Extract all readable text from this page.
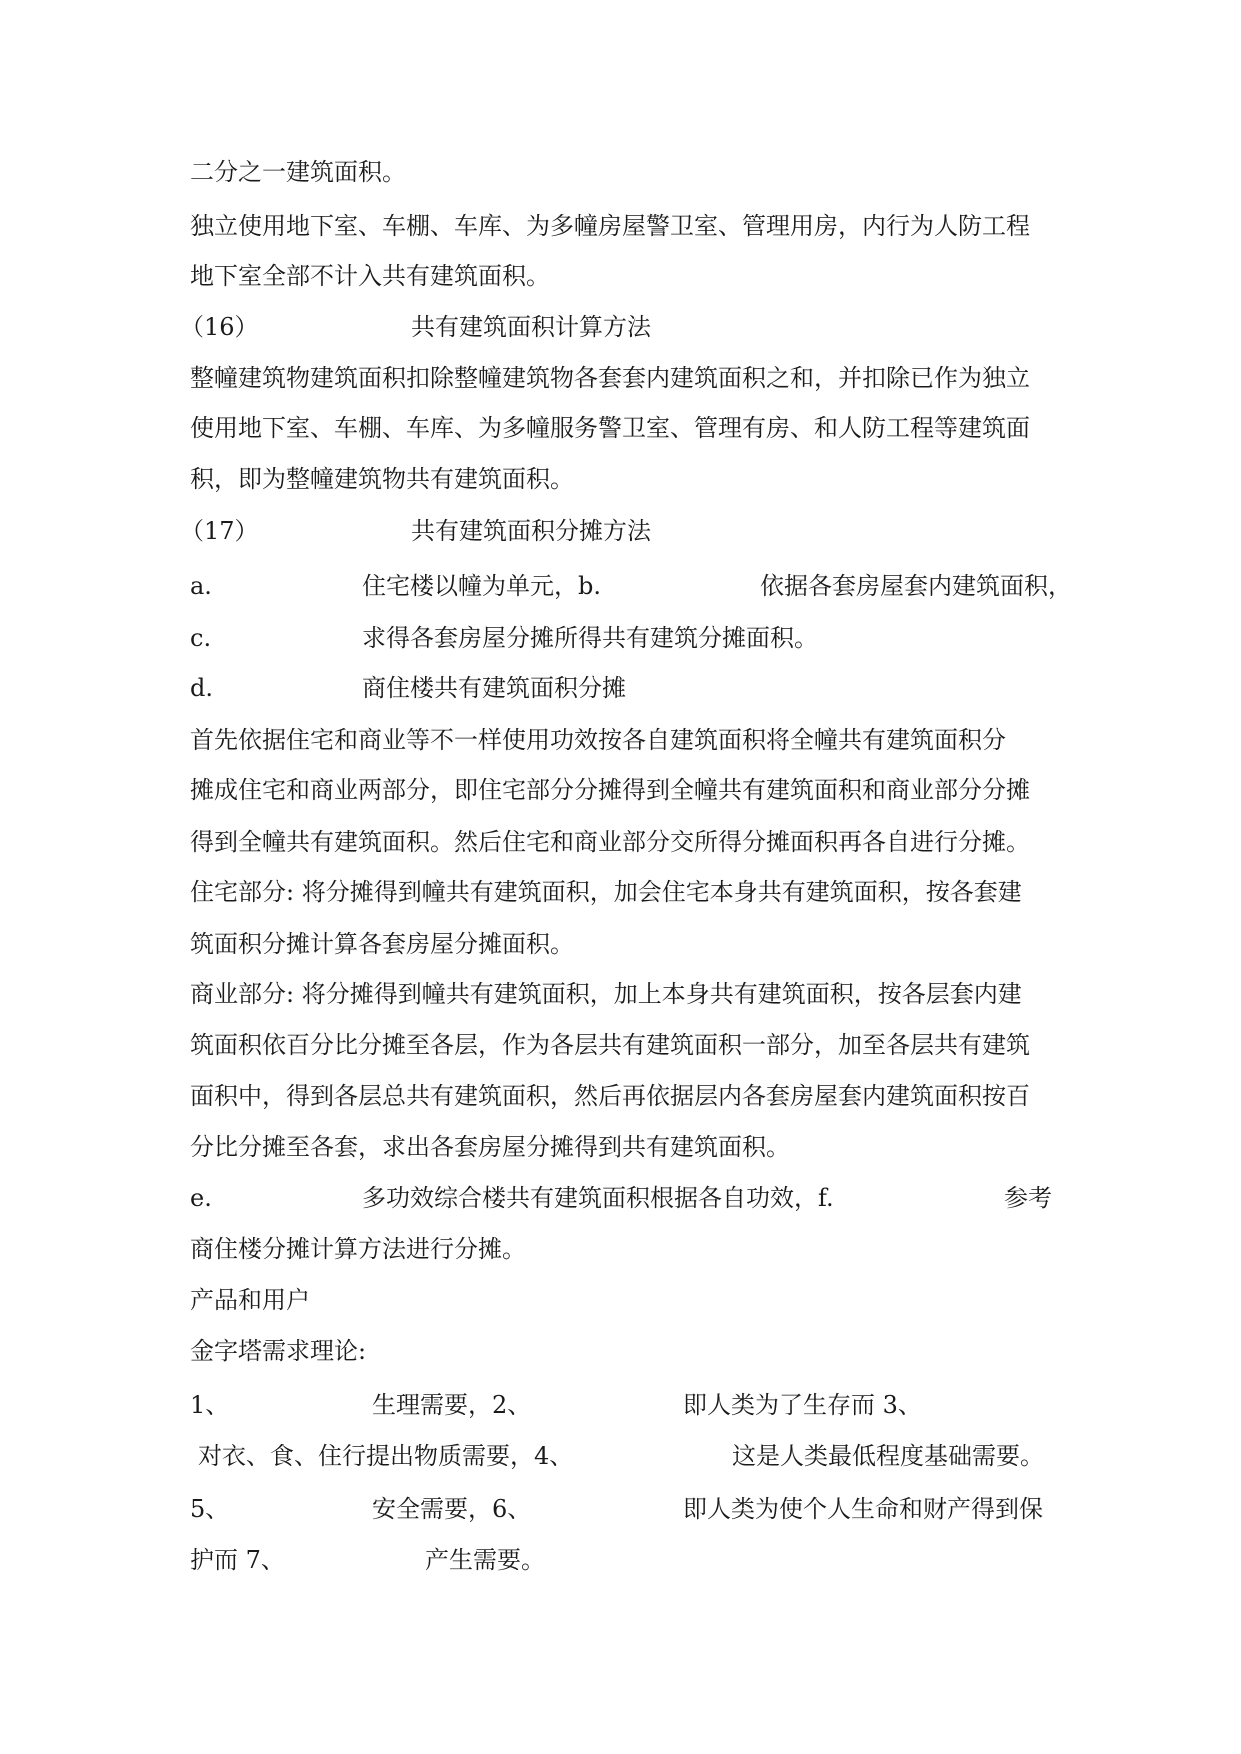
二分之一建筑面积。
独立使用地下室、车棚、车库、为多幢房屋警卫室、管理用房，内行为人防工程
地下室全部不计入共有建筑面积。
（16）	共有建筑面积计算方法
整幢建筑物建筑面积扣除整幢建筑物各套套内建筑面积之和，并扣除已作为独立
使用地下室、车棚、车库、为多幢服务警卫室、管理有房、和人防工程等建筑面
积，即为整幢建筑物共有建筑面积。
（17）	共有建筑面积分摊方法
a.	住宅楼以幢为单元，b.	依据各套房屋套内建筑面积，
c.	求得各套房屋分摊所得共有建筑分摊面积。
d.	商住楼共有建筑面积分摊
首先依据住宅和商业等不一样使用功效按各自建筑面积将全幢共有建筑面积分
摊成住宅和商业两部分，即住宅部分分摊得到全幢共有建筑面积和商业部分分摊
得到全幢共有建筑面积。然后住宅和商业部分交所得分摊面积再各自进行分摊。
住宅部分: 将分摊得到幢共有建筑面积，加会住宅本身共有建筑面积，按各套建
筑面积分摊计算各套房屋分摊面积。
商业部分: 将分摊得到幢共有建筑面积，加上本身共有建筑面积，按各层套内建
筑面积依百分比分摊至各层，作为各层共有建筑面积一部分，加至各层共有建筑
面积中，得到各层总共有建筑面积，然后再依据层内各套房屋套内建筑面积按百
分比分摊至各套，求出各套房屋分摊得到共有建筑面积。
e.	多功效综合楼共有建筑面积根据各自功效，f.	参考
商住楼分摊计算方法进行分摊。
产品和用户
金字塔需求理论:
1、	生理需要，2、	即人类为了生存而 3、
对衣、食、住行提出物质需要，4、	这是人类最低程度基础需要。
5、	安全需要，6、	即人类为使个人生命和财产得到保
护而 7、	产生需要。
